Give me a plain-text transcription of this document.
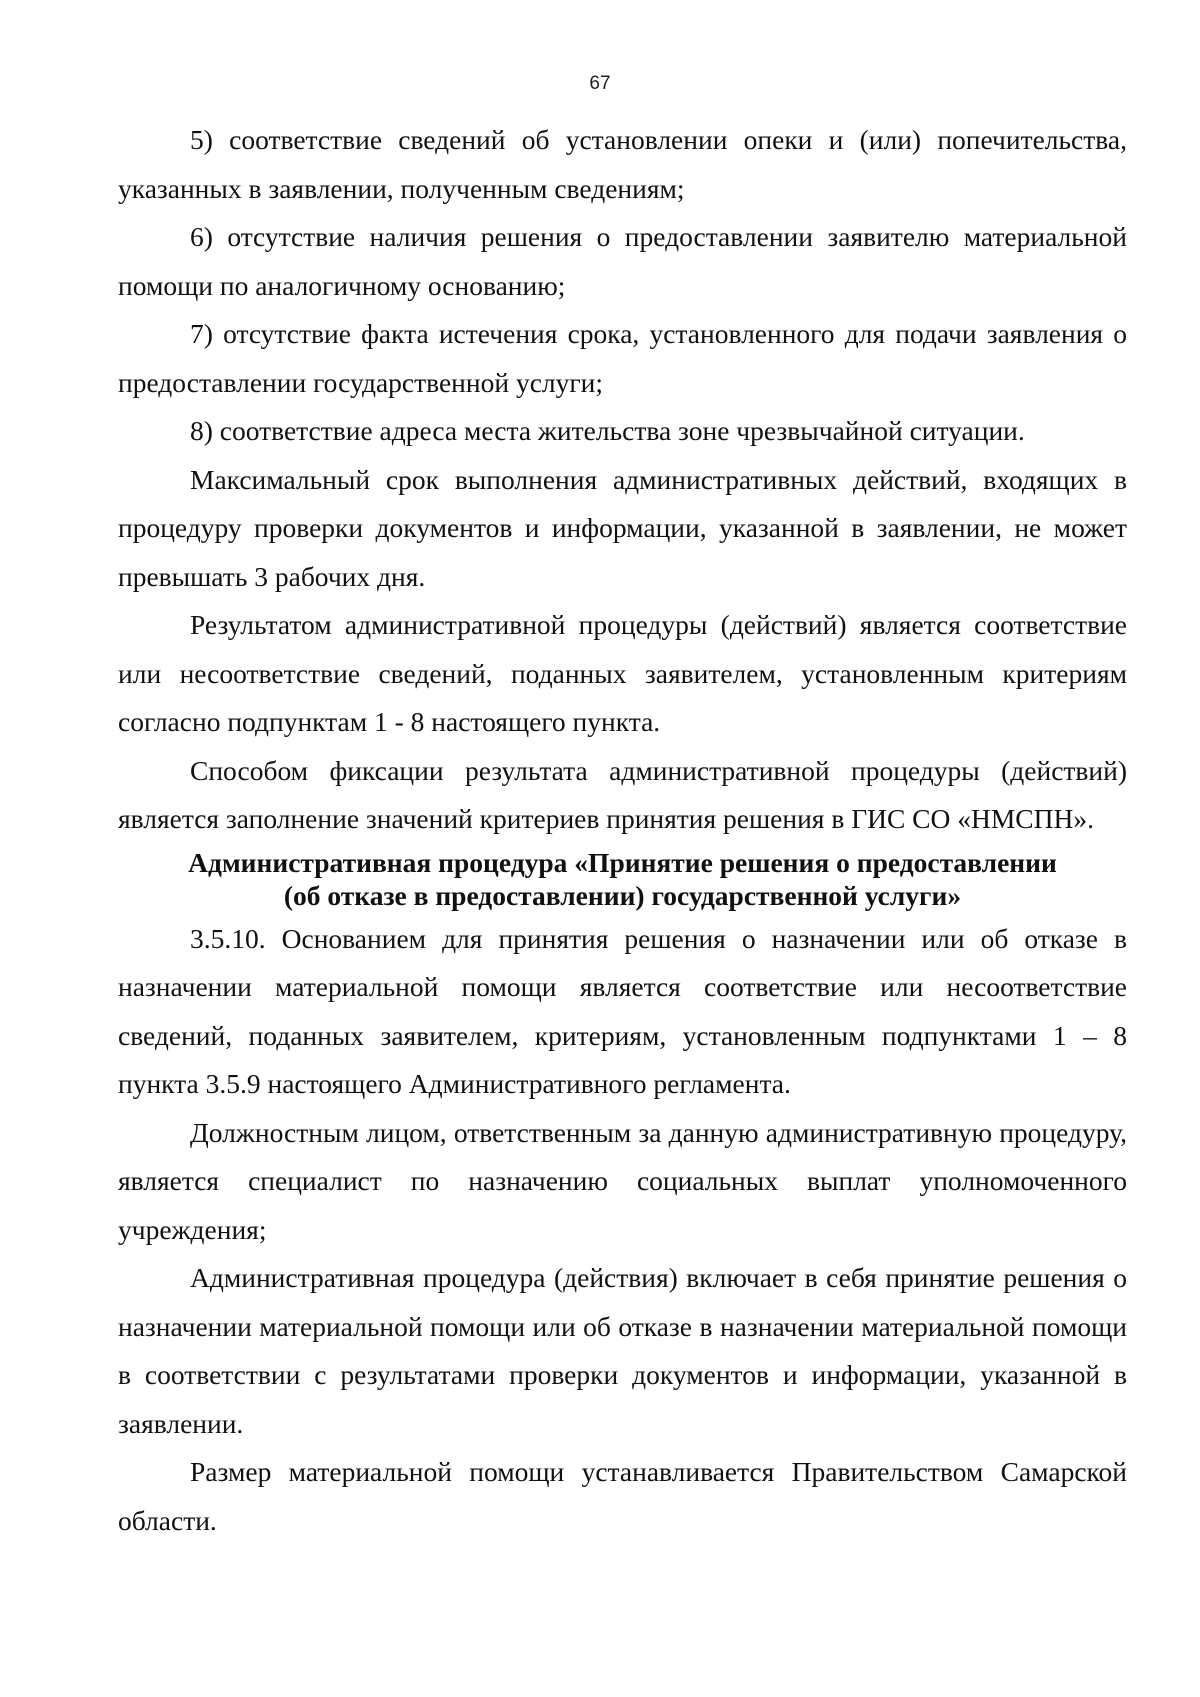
67

5) соответствие сведений об установлении опеки и (или) попечительства, указанных в заявлении, полученным сведениям;

6) отсутствие наличия решения о предоставлении заявителю материальной помощи по аналогичному основанию;

7) отсутствие факта истечения срока, установленного для подачи заявления о предоставлении государственной услуги;

8) соответствие адреса места жительства зоне чрезвычайной ситуации.

Максимальный срок выполнения административных действий, входящих в процедуру проверки документов и информации, указанной в заявлении, не может превышать 3 рабочих дня.

Результатом административной процедуры (действий) является соответствие или несоответствие сведений, поданных заявителем, установленным критериям согласно подпунктам 1 - 8 настоящего пункта.

Способом фиксации результата административной процедуры (действий) является заполнение значений критериев принятия решения в ГИС СО «НМСПН».

Административная процедура «Принятие решения о предоставлении
(об отказе в предоставлении) государственной услуги»

3.5.10. Основанием для принятия решения о назначении или об отказе в назначении материальной помощи является соответствие или несоответствие сведений, поданных заявителем, критериям, установленным подпунктами 1 – 8 пункта 3.5.9 настоящего Административного регламента.

Должностным лицом, ответственным за данную административную процедуру, является специалист по назначению социальных выплат уполномоченного учреждения;

Административная процедура (действия) включает в себя принятие решения о назначении материальной помощи или об отказе в назначении материальной помощи в соответствии с результатами проверки документов и информации, указанной в заявлении.

Размер материальной помощи устанавливается Правительством Самарской области.
